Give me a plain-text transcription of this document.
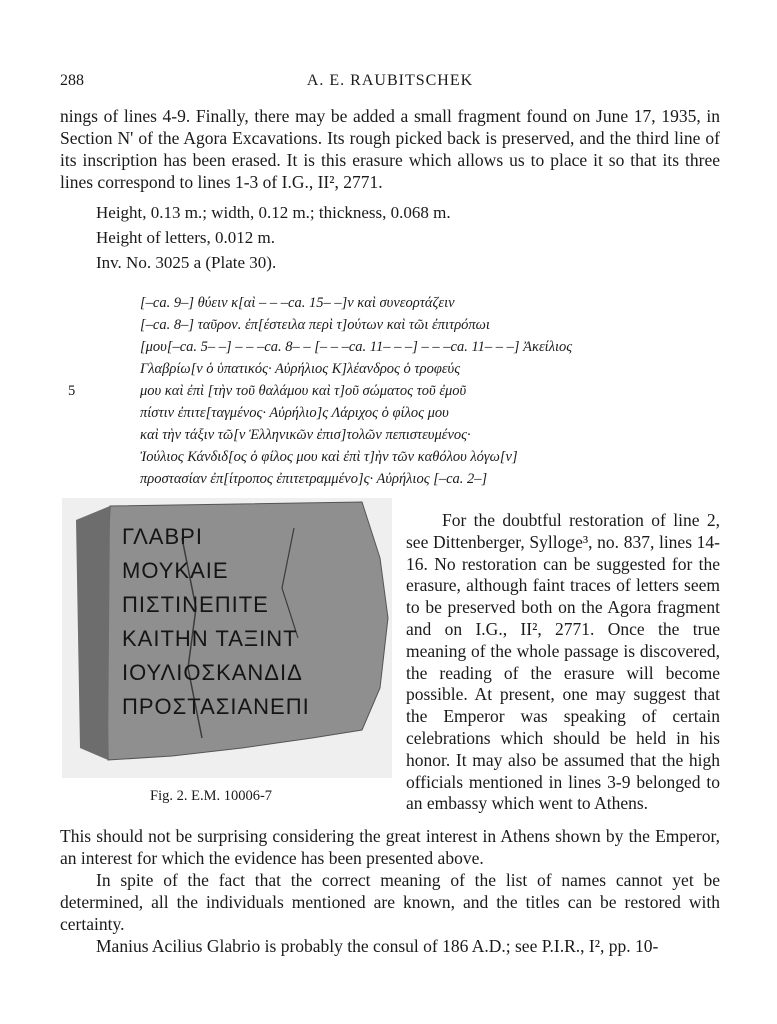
288	A. E. RAUBITSCHEK

nings of lines 4-9. Finally, there may be added a small fragment found on June 17, 1935, in Section N' of the Agora Excavations. Its rough picked back is preserved, and the third line of its inscription has been erased. It is this erasure which allows us to place it so that its three lines correspond to lines 1-3 of I.G., II², 2771.

Height, 0.13 m.; width, 0.12 m.; thickness, 0.068 m.
Height of letters, 0.012 m.
Inv. No. 3025 a (Plate 30).
[–ca. 9–] θύειν κ[αὶ – – –ca. 15– –]ν καὶ συνεορτάζειν
[–ca. 8–] ταῦρον. ἐπ[έστειλα περὶ τ]ούτων καὶ τῶι ἐπιτρόπωι
[μου[–ca. 5– –] – – –ca. 8– – [– – –ca. 11– – –] – – –ca. 11– – –] Ἀκείλιος
Γλαβρίω[ν ὁ ὑπατικός· Αὐρήλιος Κ]λέανδρος ὁ τροφεύς
5	μου καὶ ἐπὶ [τὴν τοῦ θαλάμου καὶ τ]οῦ σώματος τοῦ ἐμοῦ
πίστιν ἐπιτε[ταγμένος· Αὐρήλιο]ς Λάριχος ὁ φίλος μου
καὶ τὴν τάξιν τῶ[ν Ἑλληνικῶν ἐπισ]τολῶν πεπιστευμένος·
Ἰούλιος Κάνδιδ[ος ὁ φίλος μου καὶ ἐπὶ τ]ὴν τῶν καθόλου λόγω[ν]
προστασίαν ἐπ[ίτροπος ἐπιτετραμμένο]ς· Αὐρήλιος [–ca. 2–]
ΓΛΑΒΡΙ
ΜΟΥΚΑΙΕ
ΠΙΣΤΙΝΕΠΙΤΕ
ΚΑΙΤΗΝ ΤΑΞΙΝΤ
ΙΟΥΛΙΟΣΚΑΝΔΙΔ
ΠΡΟΣΤΑΣΙΑΝΕΠΙ
Fig. 2. E.M. 10006-7

For the doubtful restoration of line 2, see Dittenberger, Sylloge³, no. 837, lines 14-16. No restoration can be suggested for the erasure, although faint traces of letters seem to be preserved both on the Agora fragment and on I.G., II², 2771. Once the true meaning of the whole passage is discovered, the reading of the erasure will become possible. At present, one may suggest that the Emperor was speaking of certain celebrations which should be held in his honor. It may also be assumed that the high officials mentioned in lines 3-9 belonged to an embassy which went to Athens.

This should not be surprising considering the great interest in Athens shown by the Emperor, an interest for which the evidence has been presented above.

In spite of the fact that the correct meaning of the list of names cannot yet be determined, all the individuals mentioned are known, and the titles can be restored with certainty.

Manius Acilius Glabrio is probably the consul of 186 A.D.; see P.I.R., I², pp. 10-
